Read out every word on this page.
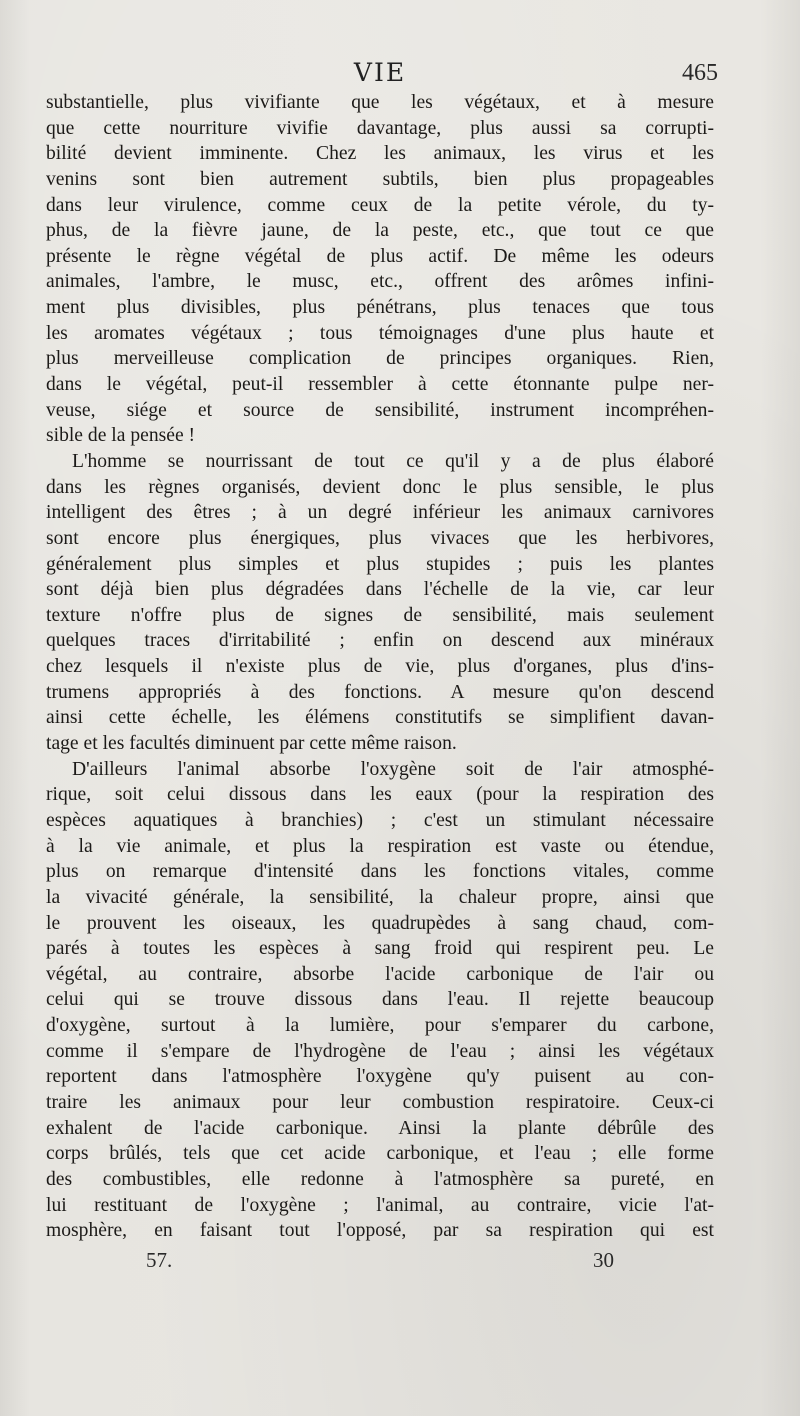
VIE	465
substantielle, plus vivifiante que les végétaux, et à mesure
que cette nourriture vivifie davantage, plus aussi sa corrupti-
bilité devient imminente. Chez les animaux, les virus et les
venins sont bien autrement subtils, bien plus propageables
dans leur virulence, comme ceux de la petite vérole, du ty-
phus, de la fièvre jaune, de la peste, etc., que tout ce que
présente le règne végétal de plus actif. De même les odeurs
animales, l'ambre, le musc, etc., offrent des arômes infini-
ment plus divisibles, plus pénétrans, plus tenaces que tous
les aromates végétaux ; tous témoignages d'une plus haute et
plus merveilleuse complication de principes organiques. Rien,
dans le végétal, peut-il ressembler à cette étonnante pulpe ner-
veuse, siége et source de sensibilité, instrument incompréhen-
sible de la pensée !
L'homme se nourrissant de tout ce qu'il y a de plus élaboré
dans les règnes organisés, devient donc le plus sensible, le plus
intelligent des êtres ; à un degré inférieur les animaux carnivores
sont encore plus énergiques, plus vivaces que les herbivores,
généralement plus simples et plus stupides ; puis les plantes
sont déjà bien plus dégradées dans l'échelle de la vie, car leur
texture n'offre plus de signes de sensibilité, mais seulement
quelques traces d'irritabilité ; enfin on descend aux minéraux
chez lesquels il n'existe plus de vie, plus d'organes, plus d'ins-
trumens appropriés à des fonctions. A mesure qu'on descend
ainsi cette échelle, les élémens constitutifs se simplifient davan-
tage et les facultés diminuent par cette même raison.
D'ailleurs l'animal absorbe l'oxygène soit de l'air atmosphé-
rique, soit celui dissous dans les eaux (pour la respiration des
espèces aquatiques à branchies) ; c'est un stimulant nécessaire
à la vie animale, et plus la respiration est vaste ou étendue,
plus on remarque d'intensité dans les fonctions vitales, comme
la vivacité générale, la sensibilité, la chaleur propre, ainsi que
le prouvent les oiseaux, les quadrupèdes à sang chaud, com-
parés à toutes les espèces à sang froid qui respirent peu. Le
végétal, au contraire, absorbe l'acide carbonique de l'air ou
celui qui se trouve dissous dans l'eau. Il rejette beaucoup
d'oxygène, surtout à la lumière, pour s'emparer du carbone,
comme il s'empare de l'hydrogène de l'eau ; ainsi les végétaux
reportent dans l'atmosphère l'oxygène qu'y puisent au con-
traire les animaux pour leur combustion respiratoire. Ceux-ci
exhalent de l'acide carbonique. Ainsi la plante débrûle des
corps brûlés, tels que cet acide carbonique, et l'eau ; elle forme
des combustibles, elle redonne à l'atmosphère sa pureté, en
lui restituant de l'oxygène ; l'animal, au contraire, vicie l'at-
mosphère, en faisant tout l'opposé, par sa respiration qui est
57.	30
